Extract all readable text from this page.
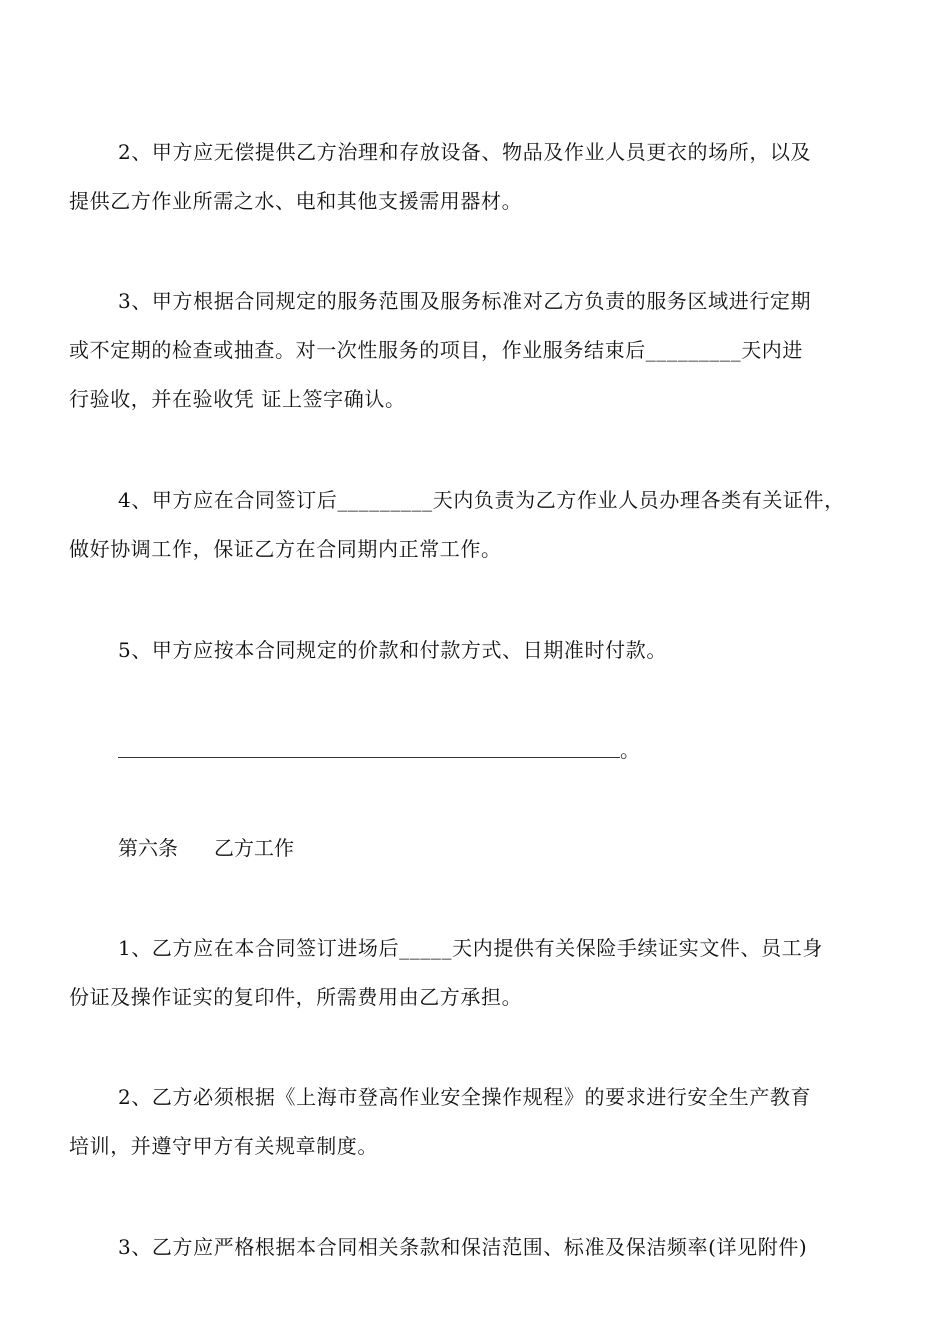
2、甲方应无偿提供乙方治理和存放设备、物品及作业人员更衣的场所，以及
提供乙方作业所需之水、电和其他支援需用器材。
3、甲方根据合同规定的服务范围及服务标准对乙方负责的服务区域进行定期
或不定期的检查或抽查。对一次性服务的项目，作业服务结束后_________天内进
行验收，并在验收凭 证上签字确认。
4、甲方应在合同签订后_________天内负责为乙方作业人员办理各类有关证件，
做好协调工作，保证乙方在合同期内正常工作。
5、甲方应按本合同规定的价款和付款方式、日期准时付款。
。
第六条 乙方工作
1、乙方应在本合同签订进场后_____天内提供有关保险手续证实文件、员工身
份证及操作证实的复印件，所需费用由乙方承担。
2、乙方必须根据《上海市登高作业安全操作规程》的要求进行安全生产教育
培训，并遵守甲方有关规章制度。
3、乙方应严格根据本合同相关条款和保洁范围、标准及保洁频率(详见附件)
